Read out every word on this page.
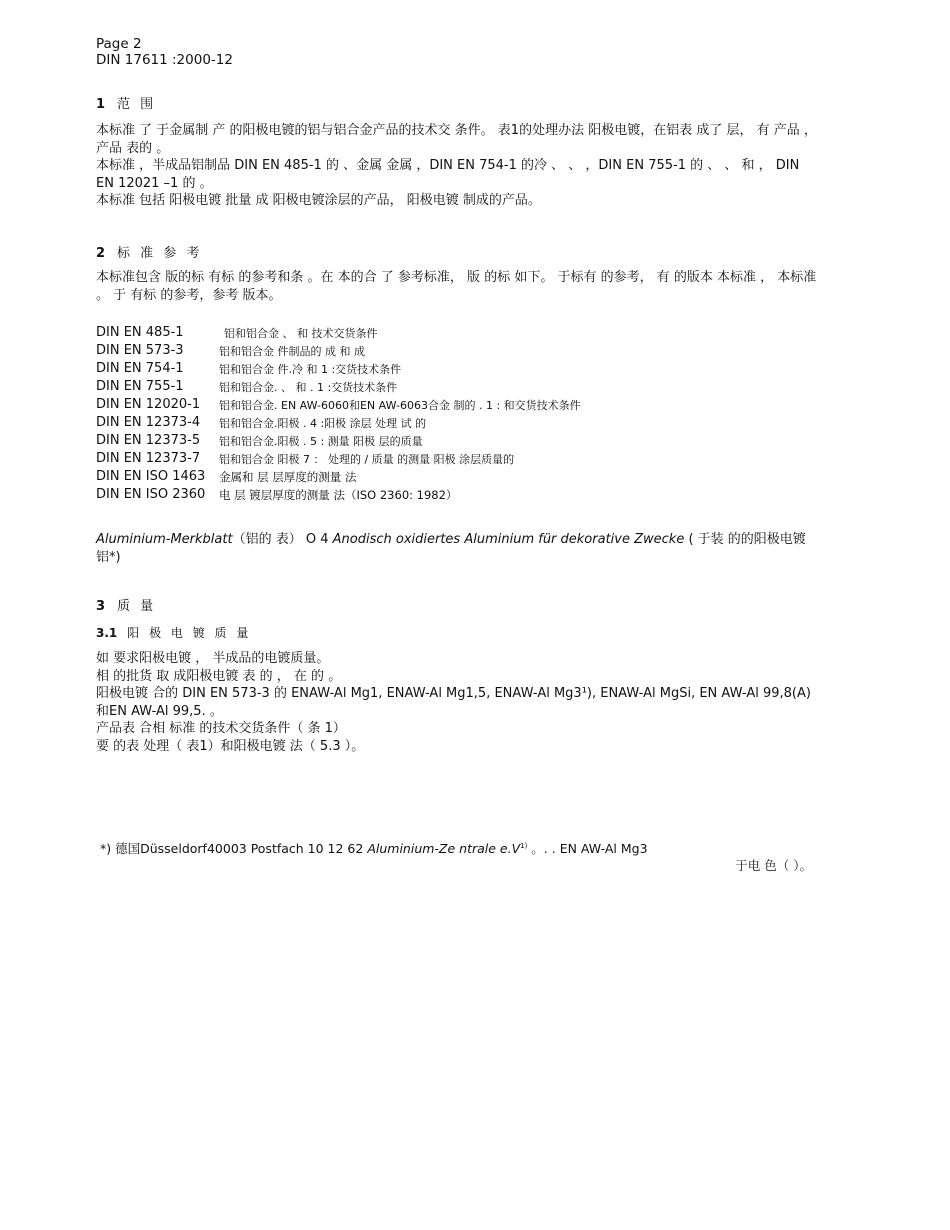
Page 2
DIN 17611 :2000-12
1 范 围

本标准 了 于金属制 产 的阳极电镀的铝与铝合金产品的技术交 条件。 表1的处理办法 阳极电镀，在铝表 成了 层， 有 产品 ， 产品 表的 。

本标准 ，半成品铝制品 DIN EN 485-1 的 、金属 金属 ，DIN EN 754-1 的冷 、 、 ，DIN EN 755-1 的 、 、 和 ， DIN EN 12021 –1 的 。

本标准 包括 阳极电镀 批量 成 阳极电镀涂层的产品， 阳极电镀 制成的产品。

2 标 准 参 考

本标准包含 版的标 有标 的参考和条 。在 本的合 了 参考标准， 版 的标 如下。 于标有 的参考， 有 的版本 本标准 ， 本标准 。 于 有标 的参考，参考 版本。

DIN EN 485-1	铝和铝合金 、 和 技术交货条件
DIN EN 573-3	铝和铝合金 件制品的 成 和 成
DIN EN 754-1	铝和铝合金 件.冷 和 1 :交货技术条件
DIN EN 755-1	铝和铝合金. 、 和 . 1 :交货技术条件
DIN EN 12020-1	铝和铝合金. EN AW-6060和EN AW-6063合金 制的 . 1 : 和交货技术条件
DIN EN 12373-4	铝和铝合金.阳极 . 4 :阳极 涂层 处理 试 的
DIN EN 12373-5	铝和铝合金.阳极 . 5 : 测量 阳极 层的质量
DIN EN 12373-7	铝和铝合金 阳极 7 ： 处理的 / 质量 的测量 阳极 涂层质量的
DIN EN ISO 1463	金属和 层 层厚度的测量 法
DIN EN ISO 2360	电 层 镀层厚度的测量 法（ISO 2360: 1982）
Aluminium-Merkblatt（铝的 表） O 4 Anodisch oxidiertes Aluminium für dekorative Zwecke ( 于装 的的阳极电镀铝*)
3 质 量
3.1 阳 极 电 镀 质 量

如 要求阳极电镀 ， 半成品的电镀质量。

相 的批货 取 成阳极电镀 表 的 ， 在 的 。

阳极电镀 合的 DIN EN 573-3 的 ENAW-Al Mg1, ENAW-Al Mg1,5, ENAW-Al Mg3¹), ENAW-Al MgSi, EN AW-Al 99,8(A)和EN AW-Al 99,5. 。

产品表 合相 标准 的技术交货条件（ 条 1）

要 的表 处理（ 表1）和阳极电镀 法（ 5.3 ）。

*) 德国Düsseldorf40003 Postfach 10 12 62 Aluminium-Ze ntrale $e.V^{1)}$ 。. . EN AW-Al Mg3
于电 色（ ）。
